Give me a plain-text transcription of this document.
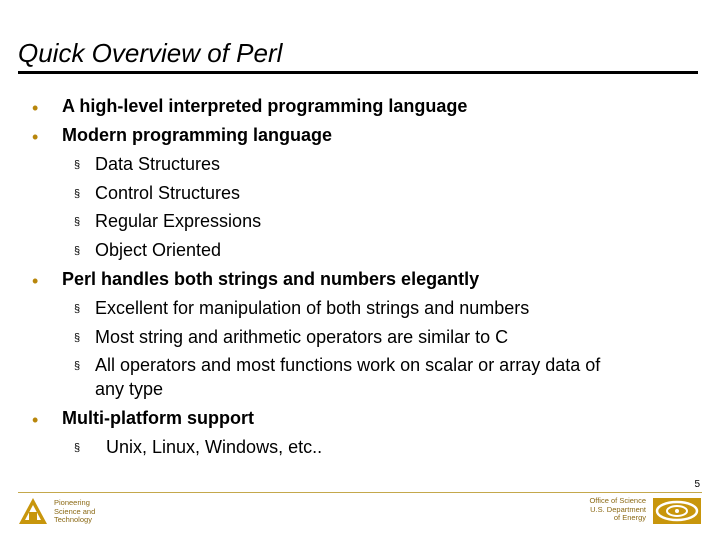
Quick Overview of Perl
• A high-level interpreted programming language
• Modern programming language
§ Data Structures
§ Control Structures
§ Regular Expressions
§ Object Oriented
• Perl handles both strings and numbers elegantly
§ Excellent for manipulation of both strings and numbers
§ Most string and arithmetic operators are similar to C
§ All operators and most functions work on scalar or array data of
any type
• Multi-platform support
§ Unix, Linux, Windows, etc..
5
Pioneering
Science and
Technology
Office of Science
U.S. Department
of Energy
